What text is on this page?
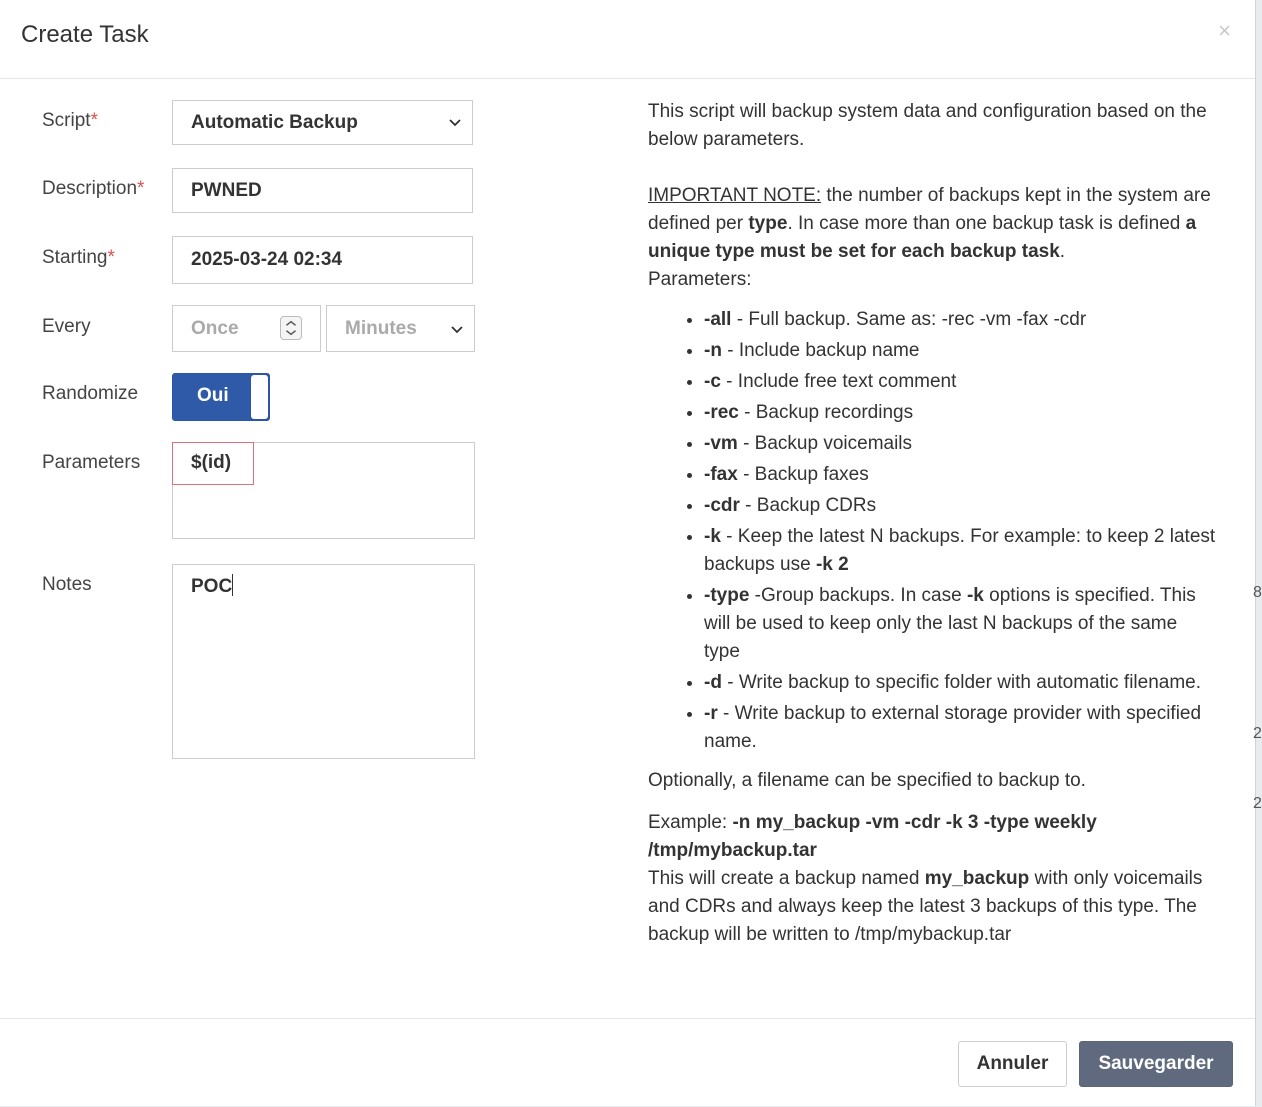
Create Task	×
Script*	Automatic Backup
Description* PWNED
Starting*	2025-03-24 02:34
Every	Once	Minutes
Randomize	Oui
Parameters	$(id)
Notes	POC

This script will backup system data and configuration based on the below parameters.

IMPORTANT NOTE: the number of backups kept in the system are defined per type. In case more than one backup task is defined a unique type must be set for each backup task.

Parameters:

• -all - Full backup. Same as: -rec -vm -fax -cdr
• -n - Include backup name
• -c - Include free text comment
• -rec - Backup recordings
• -vm - Backup voicemails
• -fax - Backup faxes
• -cdr - Backup CDRs
• -k - Keep the latest N backups. For example: to keep 2 latest backups use -k 2
• -type -Group backups. In case -k options is specified. This will be used to keep only the last N backups of the same type
• -d - Write backup to specific folder with automatic filename.
• -r - Write backup to external storage provider with specified name.

Optionally, a filename can be specified to backup to.

Example: -n my_backup -vm -cdr -k 3 -type weekly /tmp/mybackup.tar

This will create a backup named my_backup with only voicemails and CDRs and always keep the latest 3 backups of this type. The backup will be written to /tmp/mybackup.tar

Annuler	Sauvegarder
8
2
2
